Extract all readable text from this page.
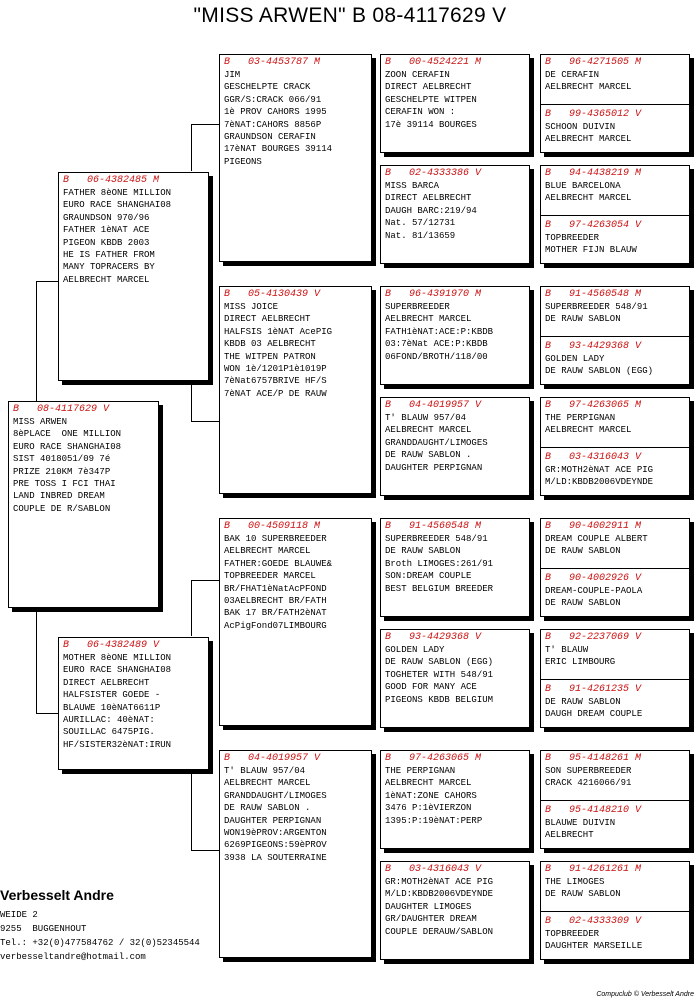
"MISS ARWEN" B 08-4117629 V
B   08-4117629 V
MISS ARWEN
8èPLACE  ONE MILLION
EURO RACE SHANGHAI08
SIST 4018051/09 7é
PRIZE 210KM 7è347P
PRE TOSS I FCI THAI
LAND INBRED DREAM
COUPLE DE R/SABLON
B   06-4382485 M
FATHER 8èONE MILLION
EURO RACE SHANGHAI08
GRAUNDSON 970/96
FATHER 1èNAT ACE
PIGEON KBDB 2003
HE IS FATHER FROM
MANY TOPRACERS BY
AELBRECHT MARCEL
B   06-4382489 V
MOTHER 8èONE MILLION
EURO RACE SHANGHAI08
DIRECT AELBRECHT
HALFSISTER GOEDE -
BLAUWE 10èNAT6611P
AURILLAC: 40èNAT:
SOUILLAC 6475PIG.
HF/SISTER32èNAT:IRUN
B   03-4453787 M
JIM
GESCHELPTE CRACK
GGR/S:CRACK 066/91
1è PROV CAHORS 1995
7èNAT:CAHORS 8856P
GRAUNDSON CERAFIN
17èNAT BOURGES 39114
PIGEONS
B   05-4130439 V
MISS JOICE
DIRECT AELBRECHT
HALFSIS 1èNAT AcePIG
KBDB 03 AELBRECHT
THE WITPEN PATRON
WON 1è/1201P1è1019P
7èNat6757BRIVE HF/S
7èNAT ACE/P DE RAUW
B   00-4509118 M
BAK 10 SUPERBREEDER
AELBRECHT MARCEL
FATHER:GOEDE BLAUWE&
TOPBREEDER MARCEL
BR/FHAT1èNatAcPFOND
03AELBRECHT BR/FATH
BAK 17 BR/FATH2èNAT
AcPigFond07LIMBOURG
B   04-4019957 V
T' BLAUW 957/04
AELBRECHT MARCEL
GRANDDAUGHT/LIMOGES
DE RAUW SABLON .
DAUGHTER PERPIGNAN
WON19èPROV:ARGENTON
6269PIGEONS:59èPROV
3938 LA SOUTERRAINE
B   00-4524221 M
ZOON CERAFIN
DIRECT AELBRECHT
GESCHELPTE WITPEN
CERAFIN WON :
17è 39114 BOURGES
B   02-4333386 V
MISS BARCA
DIRECT AELBRECHT
DAUGH BARC:219/94
Nat. 57/12731
Nat. 81/13659
B   96-4391970 M
SUPERBREEDER
AELBRECHT MARCEL
FATH1èNAT:ACE:P:KBDB
03:7èNat ACE:P:KBDB
06FOND/BROTH/118/00
B   04-4019957 V
T' BLAUW 957/04
AELBRECHT MARCEL
GRANDDAUGHT/LIMOGES
DE RAUW SABLON .
DAUGHTER PERPIGNAN
B   91-4560548 M
SUPERBREEDER 548/91
DE RAUW SABLON
Broth LIMOGES:261/91
SON:DREAM COUPLE
BEST BELGIUM BREEDER
B   93-4429368 V
GOLDEN LADY
DE RAUW SABLON (EGG)
TOGHETER WITH 548/91
GOOD FOR MANY ACE
PIGEONS KBDB BELGIUM
B   97-4263065 M
THE PERPIGNAN
AELBRECHT MARCEL
1èNAT:ZONE CAHORS
3476 P:1èVIERZON
1395:P:19èNAT:PERP
B   03-4316043 V
GR:MOTH2èNAT ACE PIG
M/LD:KBDB2006VDEYNDE
DAUGHTER LIMOGES
GR/DAUGHTER DREAM
COUPLE DERAUW/SABLON
B   96-4271505 M
DE CERAFIN
AELBRECHT MARCEL
B   99-4365012 V
SCHOON DUIVIN
AELBRECHT MARCEL
B   94-4438219 M
BLUE BARCELONA
AELBRECHT MARCEL
B   97-4263054 V
TOPBREEDER
MOTHER FIJN BLAUW
B   91-4560548 M
SUPERBREEDER 548/91
DE RAUW SABLON
B   93-4429368 V
GOLDEN LADY
DE RAUW SABLON (EGG)
B   97-4263065 M
THE PERPIGNAN
AELBRECHT MARCEL
B   03-4316043 V
GR:MOTH2èNAT ACE PIG
M/LD:KBDB2006VDEYNDE
B   90-4002911 M
DREAM COUPLE ALBERT
DE RAUW SABLON
B   90-4002926 V
DREAM-COUPLE-PAOLA
DE RAUW SABLON
B   92-2237069 V
T' BLAUW
ERIC LIMBOURG
B   91-4261235 V
DE RAUW SABLON
DAUGH DREAM COUPLE
B   95-4148261 M
SON SUPERBREEDER
CRACK 4216066/91
B   95-4148210 V
BLAUWE DUIVIN
AELBRECHT
B   91-4261261 M
THE LIMOGES
DE RAUW SABLON
B   02-4333309 V
TOPBREEDER
DAUGHTER MARSEILLE
Verbesselt Andre
WEIDE 2
9255  BUGGENHOUT
Tel.: +32(0)477584762 / 32(0)52345544
verbesseltandre@hotmail.com
Compuclub © Verbesselt Andre
